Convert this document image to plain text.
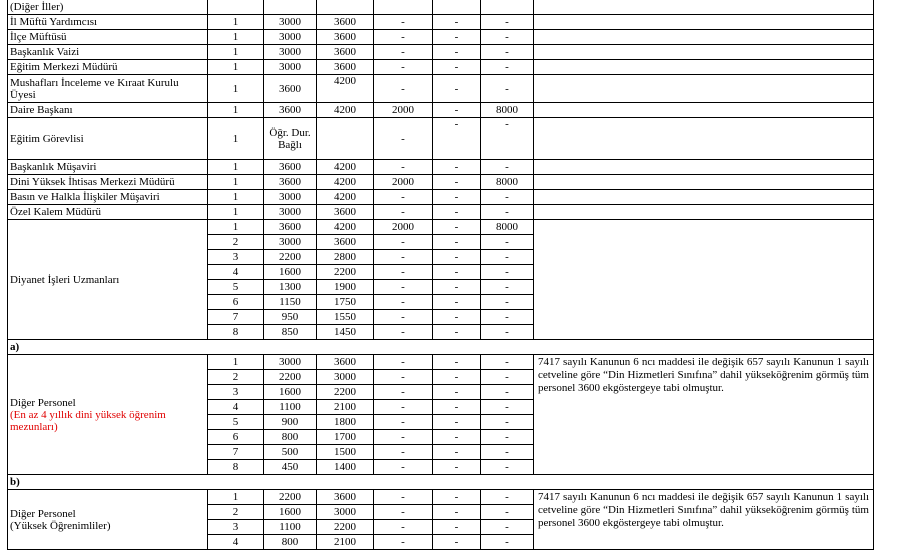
(Diğer İller)							
İl Müftü Yardımcısı	1	3000	3600	-	-	-	
İlçe Müftüsü	1	3000	3600	-	-	-	
Başkanlık Vaizi	1	3000	3600	-	-	-	
Eğitim Merkezi Müdürü	1	3000	3600	-	-	-	
Mushafları İnceleme ve Kıraat Kurulu Üyesi	1	3600	4200	-	-	-	
Daire Başkanı	1	3600	4200	2000	-	8000	
Eğitim Görevlisi	1	Öğr. Dur. Bağlı		-	-	-	
Başkanlık Müşaviri	1	3600	4200	-	-	-	
Dini Yüksek İhtisas Merkezi Müdürü	1	3600	4200	2000	-	8000	
Basın ve Halkla İlişkiler Müşaviri	1	3000	4200	-	-	-	
Özel Kalem Müdürü	1	3000	3600	-	-	-	
Diyanet İşleri Uzmanları	1	3600	4200	2000	-	8000	
	2	3000	3600	-	-	-	
	3	2200	2800	-	-	-	
	4	1600	2200	-	-	-	
	5	1300	1900	-	-	-	
	6	1150	1750	-	-	-	
	7	950	1550	-	-	-	
	8	850	1450	-	-	-	
a)							

Diğer Personel
(En az 4 yıllık dini yüksek öğrenim mezunları)	1	3000	3600	-	-	-	7417 sayılı Kanunun 6 ncı maddesi ile değişik 657 sayılı Kanunun 1 sayılı cetveline göre “Din Hizmetleri Sınıfına” dahil yükseköğrenim görmüş tüm personel 3600 ekgöstergeye tabi olmuştur.
	2	2200	3000	-	-	-	
	3	1600	2200	-	-	-	
	4	1100	2100	-	-	-	
	5	900	1800	-	-	-	
	6	800	1700	-	-	-	
	7	500	1500	-	-	-	
	8	450	1400	-	-	-	
b)							

Diğer Personel
(Yüksek Öğrenimliler)	1	2200	3600	-	-	-	7417 sayılı Kanunun 6 ncı maddesi ile değişik 657 sayılı Kanunun 1 sayılı cetveline göre “Din Hizmetleri Sınıfına” dahil yükseköğrenim görmüş tüm personel 3600 ekgöstergeye tabi olmuştur.
	2	1600	3000	-	-	-	
	3	1100	2200	-	-	-	
	4	800	2100	-	-	-	
